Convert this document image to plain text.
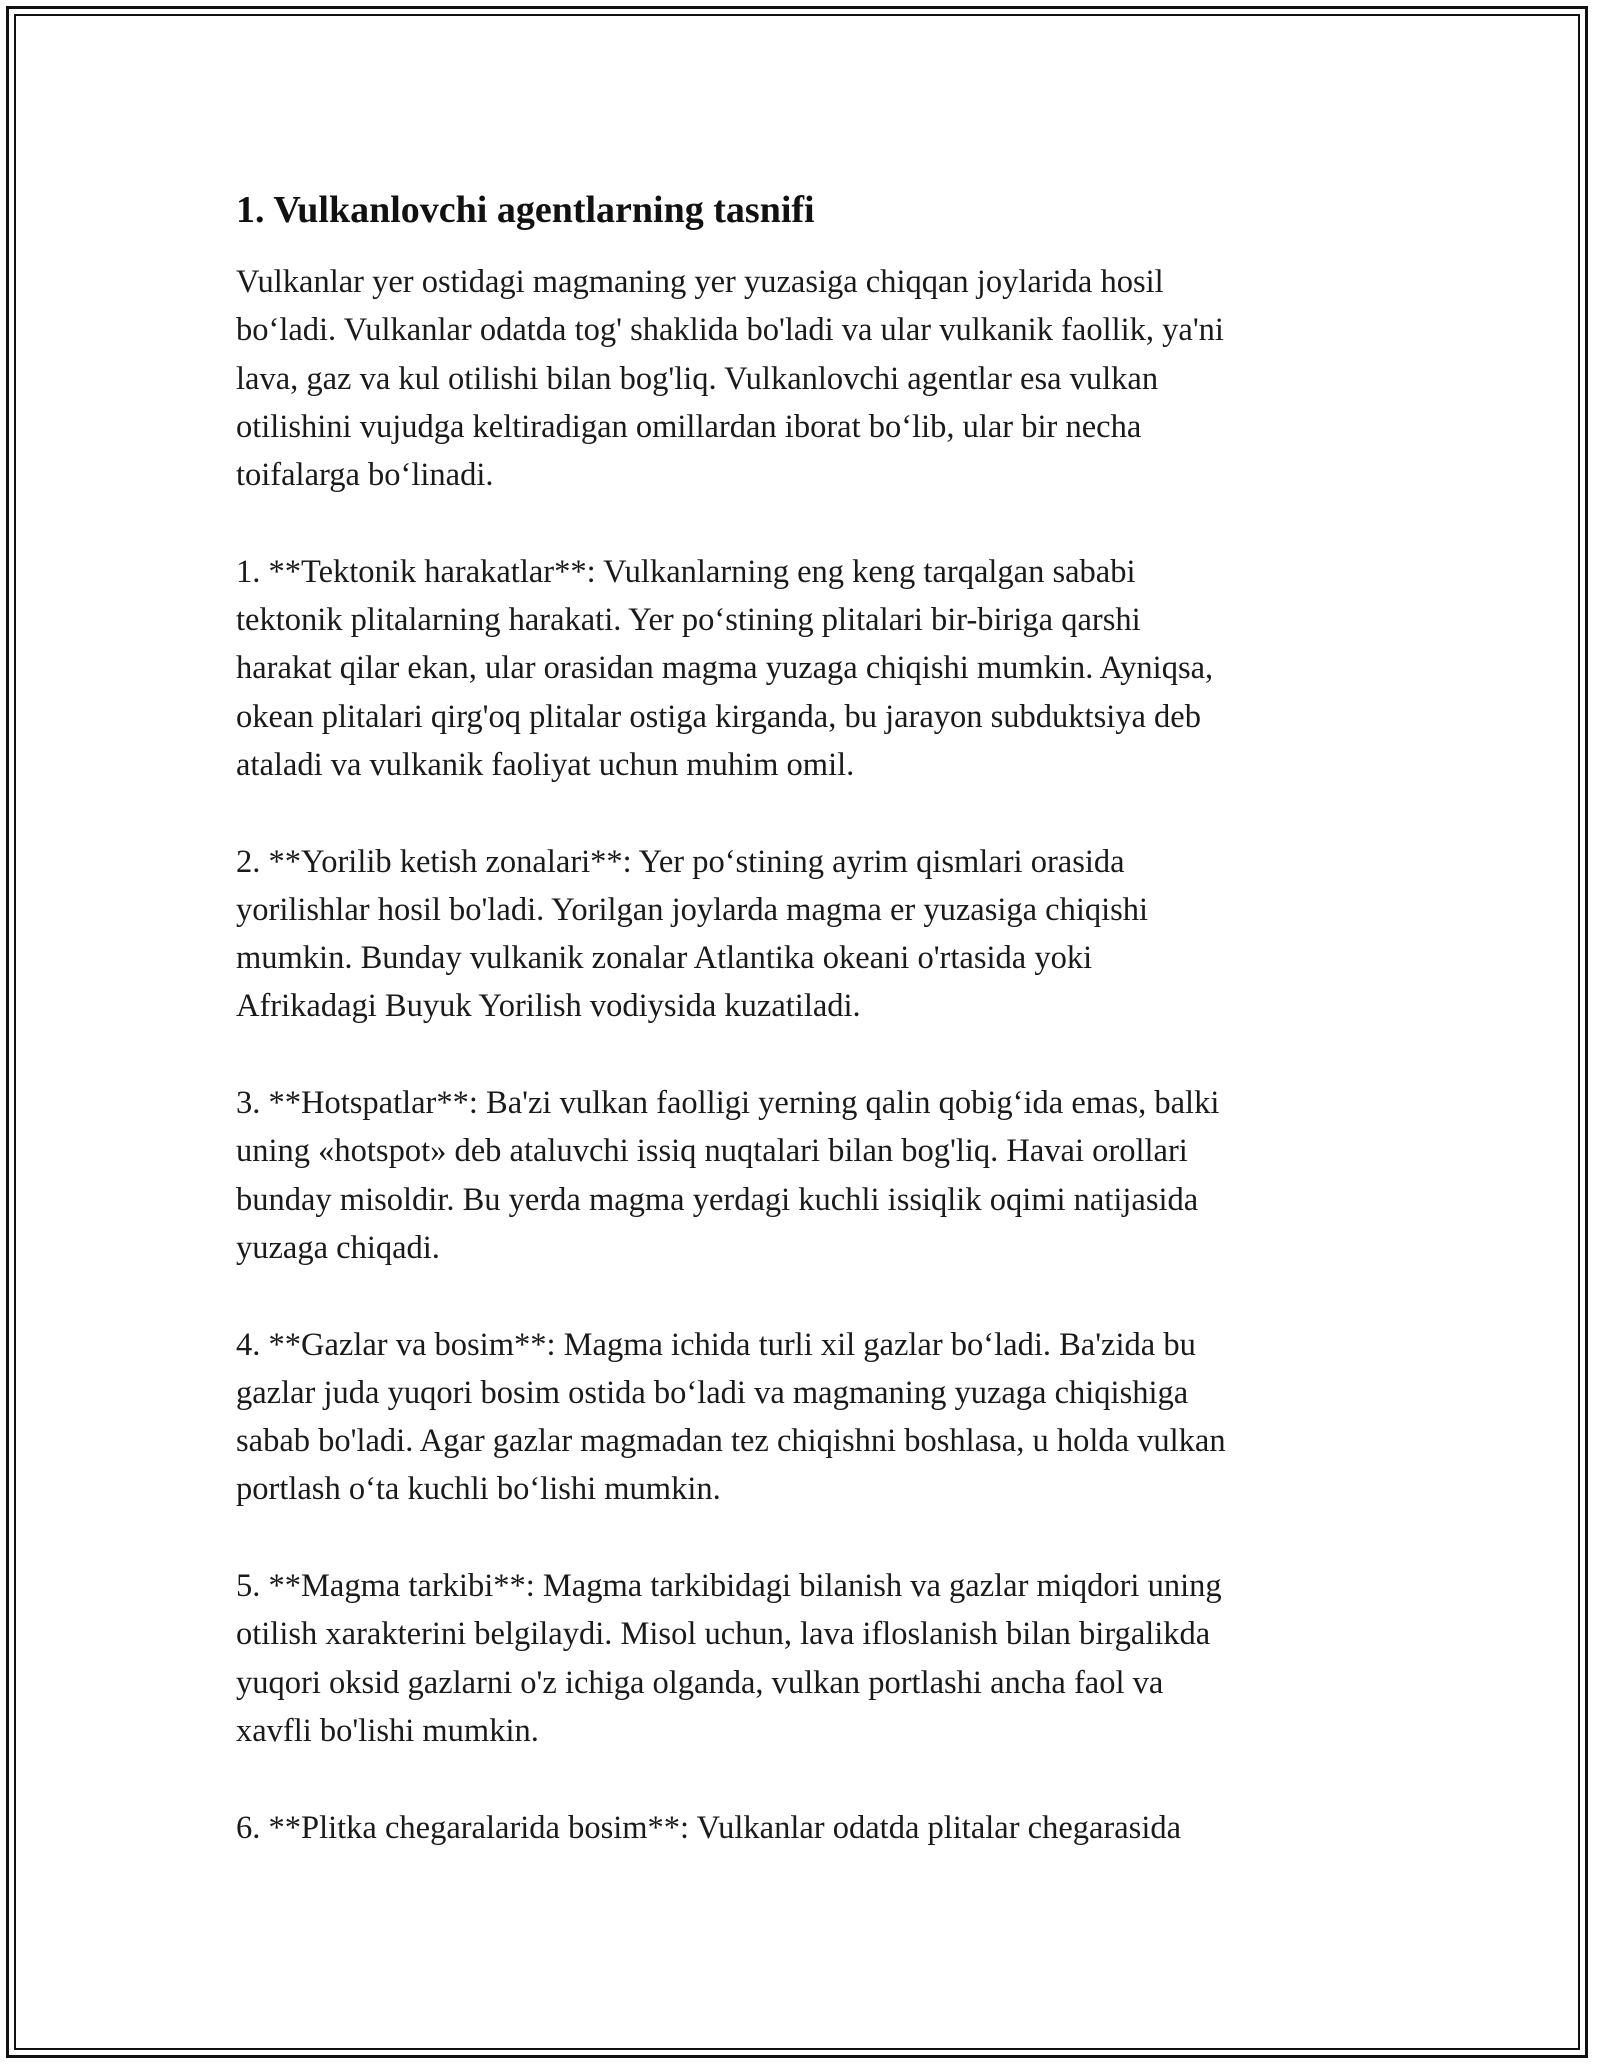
1. Vulkanlovchi agentlarning tasnifi

Vulkanlar yer ostidagi magmaning yer yuzasiga chiqqan joylarida hosil
bo‘ladi. Vulkanlar odatda tog' shaklida bo'ladi va ular vulkanik faollik, ya'ni
lava, gaz va kul otilishi bilan bog'liq. Vulkanlovchi agentlar esa vulkan
otilishini vujudga keltiradigan omillardan iborat bo‘lib, ular bir necha
toifalarga bo‘linadi.

1. **Tektonik harakatlar**: Vulkanlarning eng keng tarqalgan sababi
tektonik plitalarning harakati. Yer po‘stining plitalari bir-biriga qarshi
harakat qilar ekan, ular orasidan magma yuzaga chiqishi mumkin. Ayniqsa,
okean plitalari qirg'oq plitalar ostiga kirganda, bu jarayon subduktsiya deb
ataladi va vulkanik faoliyat uchun muhim omil.

2. **Yorilib ketish zonalari**: Yer po‘stining ayrim qismlari orasida
yorilishlar hosil bo'ladi. Yorilgan joylarda magma er yuzasiga chiqishi
mumkin. Bunday vulkanik zonalar Atlantika okeani o'rtasida yoki
Afrikadagi Buyuk Yorilish vodiysida kuzatiladi.

3. **Hotspatlar**: Ba'zi vulkan faolligi yerning qalin qobig‘ida emas, balki
uning «hotspot» deb ataluvchi issiq nuqtalari bilan bog'liq. Havai orollari
bunday misoldir. Bu yerda magma yerdagi kuchli issiqlik oqimi natijasida
yuzaga chiqadi.

4. **Gazlar va bosim**: Magma ichida turli xil gazlar bo‘ladi. Ba'zida bu
gazlar juda yuqori bosim ostida bo‘ladi va magmaning yuzaga chiqishiga
sabab bo'ladi. Agar gazlar magmadan tez chiqishni boshlasa, u holda vulkan
portlash o‘ta kuchli bo‘lishi mumkin.

5. **Magma tarkibi**: Magma tarkibidagi bilanish va gazlar miqdori uning
otilish xarakterini belgilaydi. Misol uchun, lava ifloslanish bilan birgalikda
yuqori oksid gazlarni o'z ichiga olganda, vulkan portlashi ancha faol va
xavfli bo'lishi mumkin.

6. **Plitka chegaralarida bosim**: Vulkanlar odatda plitalar chegarasida
